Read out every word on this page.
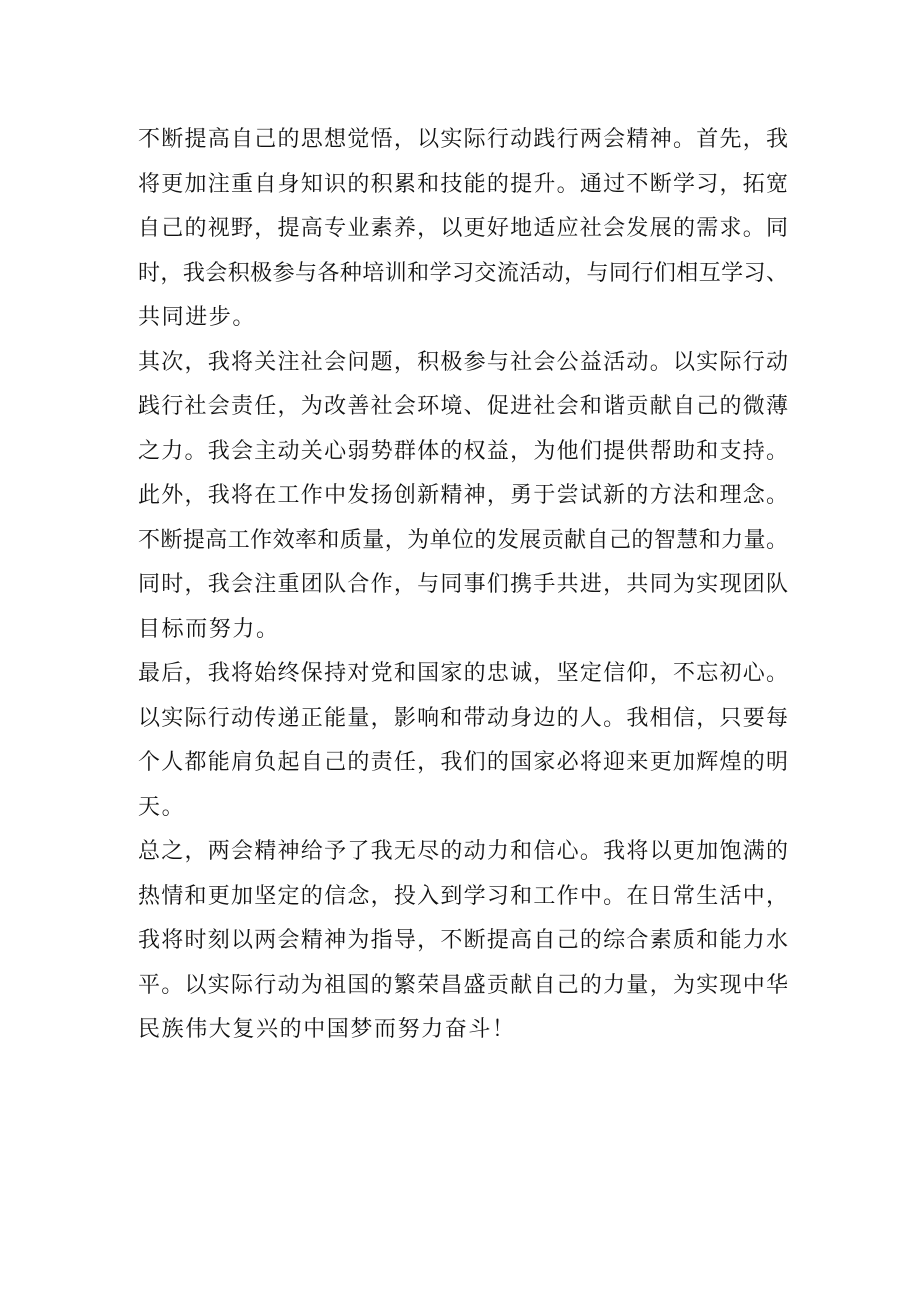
不断提高自己的思想觉悟，以实际行动践行两会精神。首先，我
将更加注重自身知识的积累和技能的提升。通过不断学习，拓宽
自己的视野，提高专业素养，以更好地适应社会发展的需求。同
时，我会积极参与各种培训和学习交流活动，与同行们相互学习、
共同进步。
其次，我将关注社会问题，积极参与社会公益活动。以实际行动
践行社会责任，为改善社会环境、促进社会和谐贡献自己的微薄
之力。我会主动关心弱势群体的权益，为他们提供帮助和支持。
此外，我将在工作中发扬创新精神，勇于尝试新的方法和理念。
不断提高工作效率和质量，为单位的发展贡献自己的智慧和力量。
同时，我会注重团队合作，与同事们携手共进，共同为实现团队
目标而努力。
最后，我将始终保持对党和国家的忠诚，坚定信仰，不忘初心。
以实际行动传递正能量，影响和带动身边的人。我相信，只要每
个人都能肩负起自己的责任，我们的国家必将迎来更加辉煌的明
天。
总之，两会精神给予了我无尽的动力和信心。我将以更加饱满的
热情和更加坚定的信念，投入到学习和工作中。在日常生活中，
我将时刻以两会精神为指导，不断提高自己的综合素质和能力水
平。以实际行动为祖国的繁荣昌盛贡献自己的力量，为实现中华
民族伟大复兴的中国梦而努力奋斗！
